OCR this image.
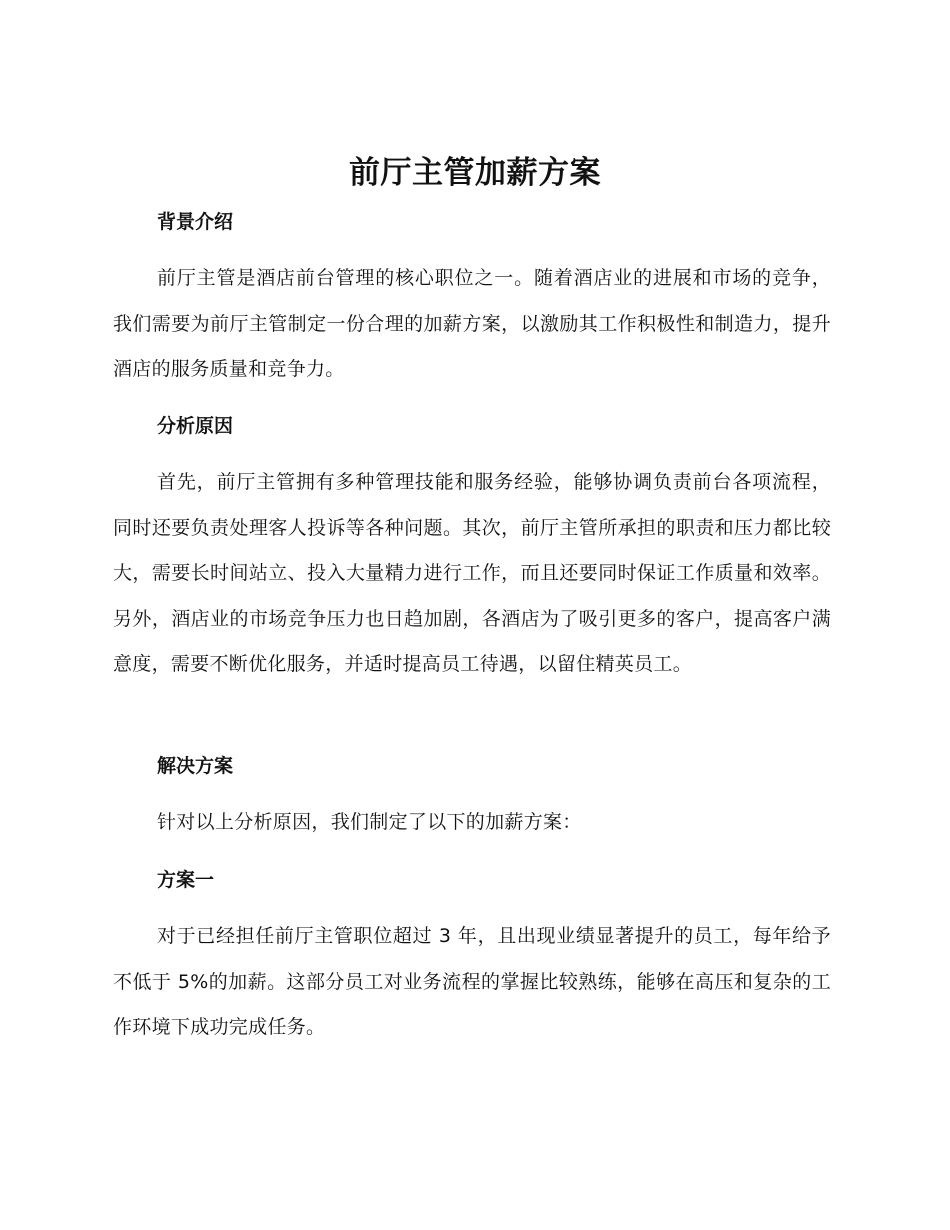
前厅主管加薪方案
背景介绍

前厅主管是酒店前台管理的核心职位之一。随着酒店业的进展和市场的竞争，我们需要为前厅主管制定一份合理的加薪方案，以激励其工作积极性和制造力，提升酒店的服务质量和竞争力。

分析原因

首先，前厅主管拥有多种管理技能和服务经验，能够协调负责前台各项流程，同时还要负责处理客人投诉等各种问题。其次，前厅主管所承担的职责和压力都比较大，需要长时间站立、投入大量精力进行工作，而且还要同时保证工作质量和效率。另外，酒店业的市场竞争压力也日趋加剧，各酒店为了吸引更多的客户，提高客户满意度，需要不断优化服务，并适时提高员工待遇，以留住精英员工。

解决方案

针对以上分析原因，我们制定了以下的加薪方案：

方案一

对于已经担任前厅主管职位超过 3 年，且出现业绩显著提升的员工，每年给予不低于 5%的加薪。这部分员工对业务流程的掌握比较熟练，能够在高压和复杂的工作环境下成功完成任务。
